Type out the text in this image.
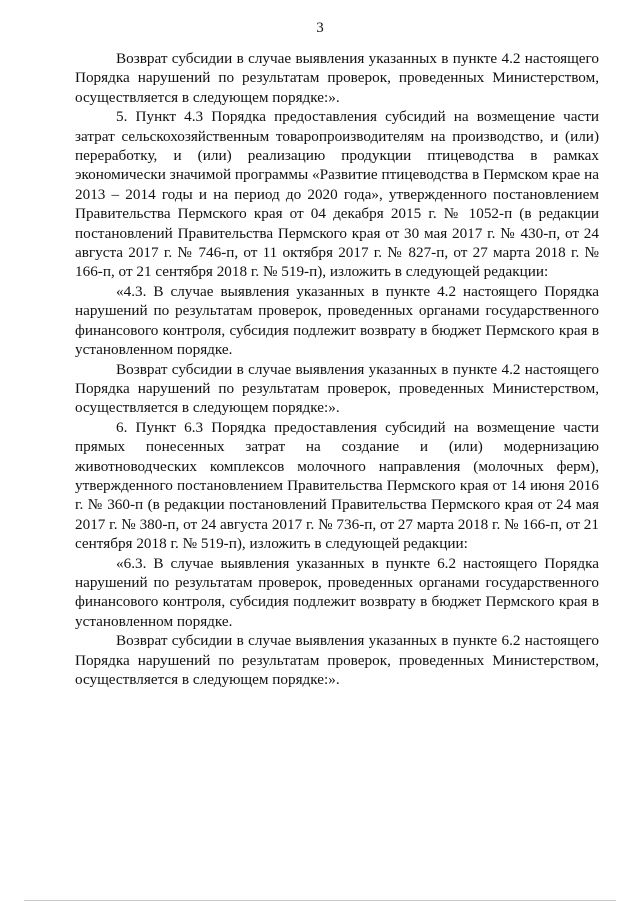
3

Возврат субсидии в случае выявления указанных в пункте 4.2 настоящего Порядка нарушений по результатам проверок, проведенных Министерством, осуществляется в следующем порядке:».

5. Пункт 4.3 Порядка предоставления субсидий на возмещение части затрат сельскохозяйственным товаропроизводителям на производство, и (или) переработку, и (или) реализацию продукции птицеводства в рамках экономически значимой программы «Развитие птицеводства в Пермском крае на 2013 – 2014 годы и на период до 2020 года», утвержденного постановлением Правительства Пермского края от 04 декабря 2015 г. № 1052-п (в редакции постановлений Правительства Пермского края от 30 мая 2017 г. № 430-п, от 24 августа 2017 г. № 746-п, от 11 октября 2017 г. № 827-п, от 27 марта 2018 г. № 166-п, от 21 сентября 2018 г. № 519-п), изложить в следующей редакции:

«4.3. В случае выявления указанных в пункте 4.2 настоящего Порядка нарушений по результатам проверок, проведенных органами государственного финансового контроля, субсидия подлежит возврату в бюджет Пермского края в установленном порядке.

Возврат субсидии в случае выявления указанных в пункте 4.2 настоящего Порядка нарушений по результатам проверок, проведенных Министерством, осуществляется в следующем порядке:».

6. Пункт 6.3 Порядка предоставления субсидий на возмещение части прямых понесенных затрат на создание и (или) модернизацию животноводческих комплексов молочного направления (молочных ферм), утвержденного постановлением Правительства Пермского края от 14 июня 2016 г. № 360-п (в редакции постановлений Правительства Пермского края от 24 мая 2017 г. № 380-п, от 24 августа 2017 г. № 736-п, от 27 марта 2018 г. № 166-п, от 21 сентября 2018 г. № 519-п), изложить в следующей редакции:

«6.3. В случае выявления указанных в пункте 6.2 настоящего Порядка нарушений по результатам проверок, проведенных органами государственного финансового контроля, субсидия подлежит возврату в бюджет Пермского края в установленном порядке.

Возврат субсидии в случае выявления указанных в пункте 6.2 настоящего Порядка нарушений по результатам проверок, проведенных Министерством, осуществляется в следующем порядке:».
